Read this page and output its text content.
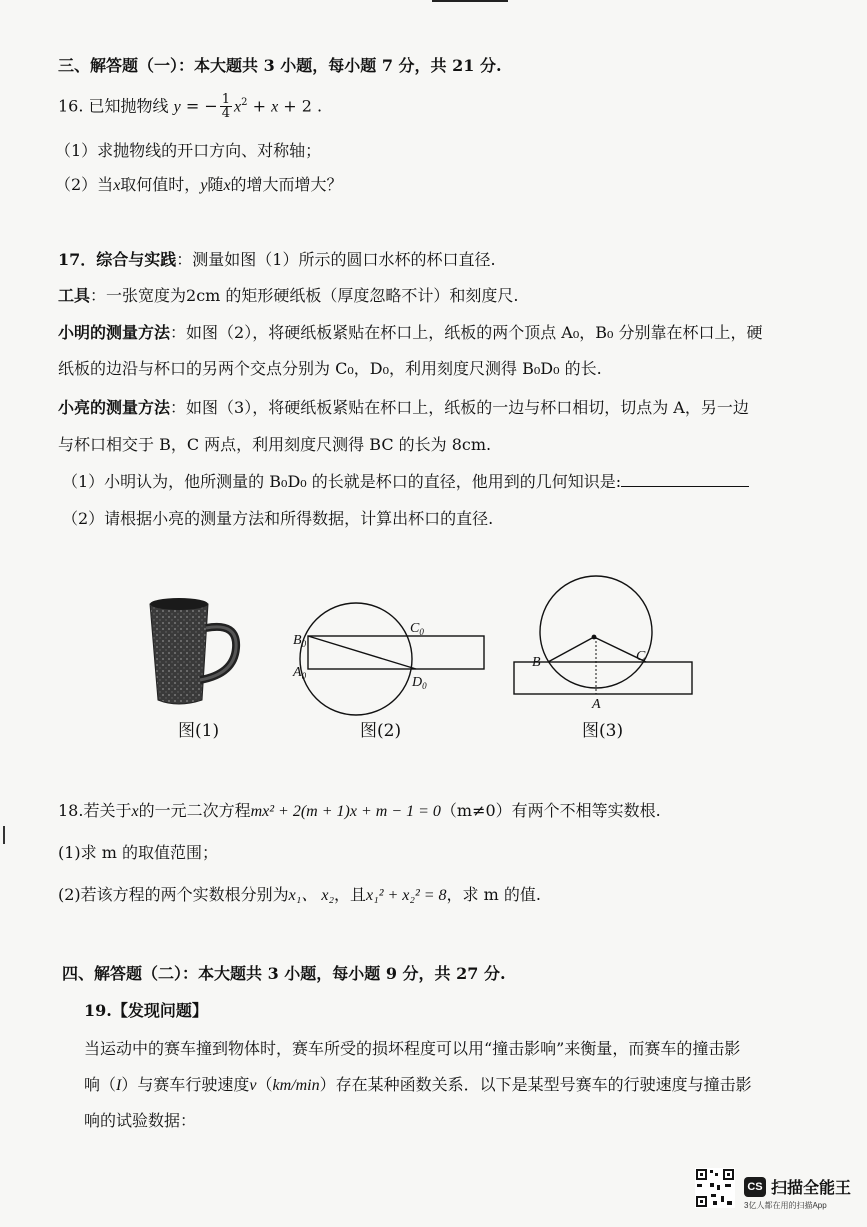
三、解答题（一）：本大题共 3 小题，每小题 7 分，共 21 分.
16. 已知抛物线 y = − $\frac{1}{4} x^2 + x + 2$ .
（1）求抛物线的开口方向、对称轴；
（2）当x取何值时，y随x的增大而增大？
17．综合与实践：测量如图（1）所示的圆口水杯的杯口直径.
工具：一张宽度为2cm 的矩形硬纸板（厚度忽略不计）和刻度尺.
小明的测量方法：如图（2），将硬纸板紧贴在杯口上，纸板的两个顶点 A₀，B₀ 分别靠在杯口上，硬
纸板的边沿与杯口的另两个交点分别为 C₀，D₀，利用刻度尺测得 B₀D₀ 的长.
小亮的测量方法：如图（3），将硬纸板紧贴在杯口上，纸板的一边与杯口相切，切点为 A，另一边
与杯口相交于 B，C 两点，利用刻度尺测得 BC 的长为 8cm.
（1）小明认为，他所测量的 B₀D₀ 的长就是杯口的直径，他用到的几何知识是:
（2）请根据小亮的测量方法和所得数据，计算出杯口的直径.
图(1)
$B_0$
$A_0$
$C_0$
$D_0$
图(2)
B	C
A
图(3)
18.若关于x的一元二次方程mx² + 2(m + 1)x + m − 1 = 0（m≠0）有两个不相等实数根.
(1)求 m 的取值范围；
(2)若该方程的两个实数根分别为x₁、 x₂，且x₁² + x₂² = 8，求 m 的值.
四、解答题（二）：本大题共 3 小题，每小题 9 分，共 27 分.
19.【发现问题】
当运动中的赛车撞到物体时，赛车所受的损坏程度可以用“撞击影响”来衡量，而赛车的撞击影
响（I）与赛车行驶速度v（km/min）存在某种函数关系．以下是某型号赛车的行驶速度与撞击影
响的试验数据：
CS 扫描全能王
3亿人都在用的扫描App
